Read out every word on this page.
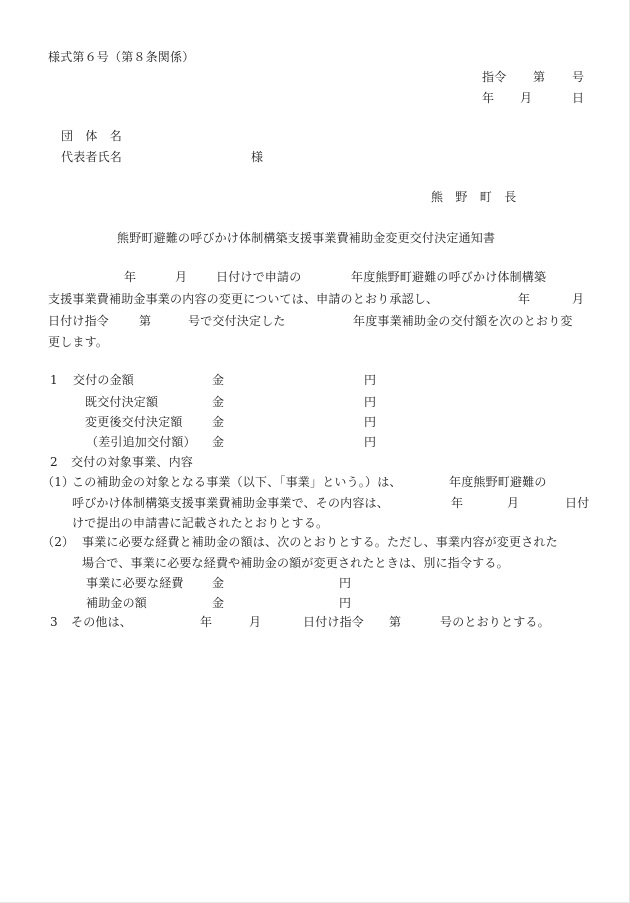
様式第６号（第８条関係）
指令 第 号
年 月	日
団　体　名
代表者氏名	様
熊　野　町　長
熊野町避難の呼びかけ体制構築支援事業費補助金変更交付決定通知書
年	月 日付けで申請の	年度熊野町避難の呼びかけ体制構築
支援事業費補助金事業の内容の変更については、申請のとおり承認し、	年	月
日付け指令 第	号で交付決定した	年度事業補助金の交付額を次のとおり変
更します。
1 交付の金額	金	円
既交付決定額	金	円
変更後交付決定額 金	円
（差引追加交付額） 金	円
2 交付の対象事業、内容
（1）
この補助金の対象となる事業（以下、「事業」という。）は、	年度熊野町避難の
呼びかけ体制構築支援事業費補助金事業で、その内容は、	年	月	日付
けで提出の申請書に記載されたとおりとする。
（2） 事業に必要な経費と補助金の額は、次のとおりとする。ただし、事業内容が変更された
場合で、事業に必要な経費や補助金の額が変更されたときは、別に指令する。
事業に必要な経費 金	円
補助金の額	金	円
3 その他は、	年	月	日付け指令 第	号のとおりとする。
